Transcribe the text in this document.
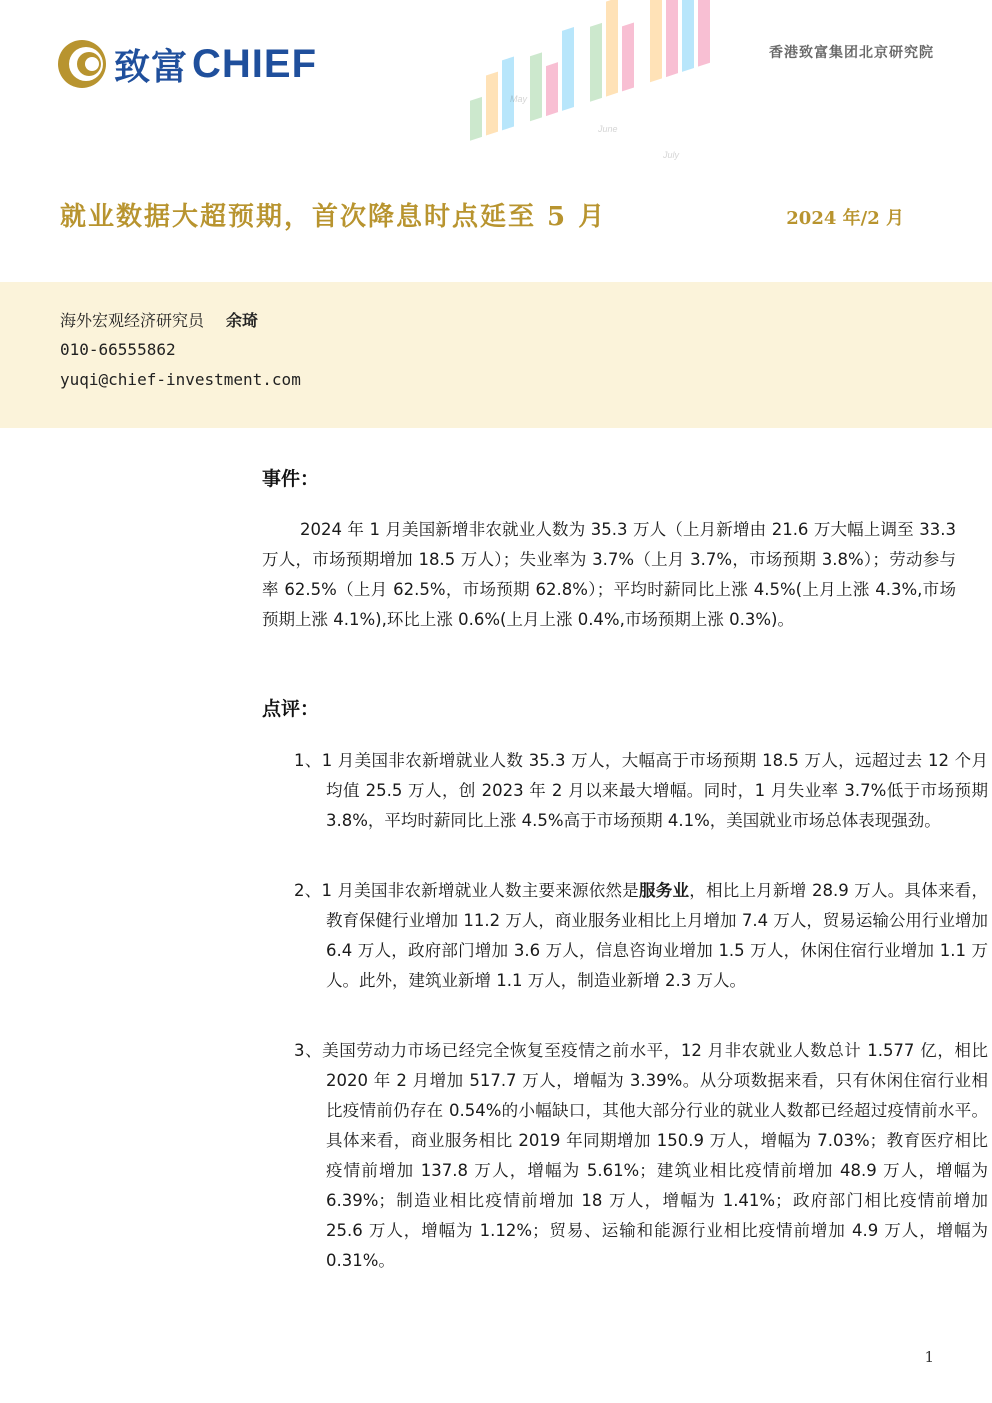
May
June
July
致富 CHIEF	香港致富集团北京研究院
就业数据大超预期，首次降息时点延至 5 月	2024 年/2 月
海外宏观经济研究员 余琦
010-66555862
yuqi@chief-investment.com
事件：
2024 年 1 月美国新增非农就业人数为 35.3 万人（上月新增由 21.6 万大幅上调至 33.3 万人，市场预期增加 18.5 万人）；失业率为 3.7%（上月 3.7%，市场预期 3.8%）；劳动参与率 62.5%（上月 62.5%，市场预期 62.8%）；平均时薪同比上涨 4.5%(上月上涨 4.3%,市场预期上涨 4.1%),环比上涨 0.6%(上月上涨 0.4%,市场预期上涨 0.3%)。
点评：
1、1 月美国非农新增就业人数 35.3 万人，大幅高于市场预期 18.5 万人，远超过去 12 个月均值 25.5 万人，创 2023 年 2 月以来最大增幅。同时，1 月失业率 3.7%低于市场预期 3.8%，平均时薪同比上涨 4.5%高于市场预期 4.1%，美国就业市场总体表现强劲。
2、1 月美国非农新增就业人数主要来源依然是服务业，相比上月新增 28.9 万人。具体来看，教育保健行业增加 11.2 万人，商业服务业相比上月增加 7.4 万人，贸易运输公用行业增加 6.4 万人，政府部门增加 3.6 万人，信息咨询业增加 1.5 万人，休闲住宿行业增加 1.1 万人。此外，建筑业新增 1.1 万人，制造业新增 2.3 万人。
3、美国劳动力市场已经完全恢复至疫情之前水平，12 月非农就业人数总计 1.577 亿，相比 2020 年 2 月增加 517.7 万人，增幅为 3.39%。从分项数据来看，只有休闲住宿行业相比疫情前仍存在 0.54%的小幅缺口，其他大部分行业的就业人数都已经超过疫情前水平。具体来看，商业服务相比 2019 年同期增加 150.9 万人，增幅为 7.03%；教育医疗相比疫情前增加 137.8 万人，增幅为 5.61%；建筑业相比疫情前增加 48.9 万人，增幅为 6.39%；制造业相比疫情前增加 18 万人，增幅为 1.41%；政府部门相比疫情前增加 25.6 万人，增幅为 1.12%；贸易、运输和能源行业相比疫情前增加 4.9 万人，增幅为 0.31%。
1
